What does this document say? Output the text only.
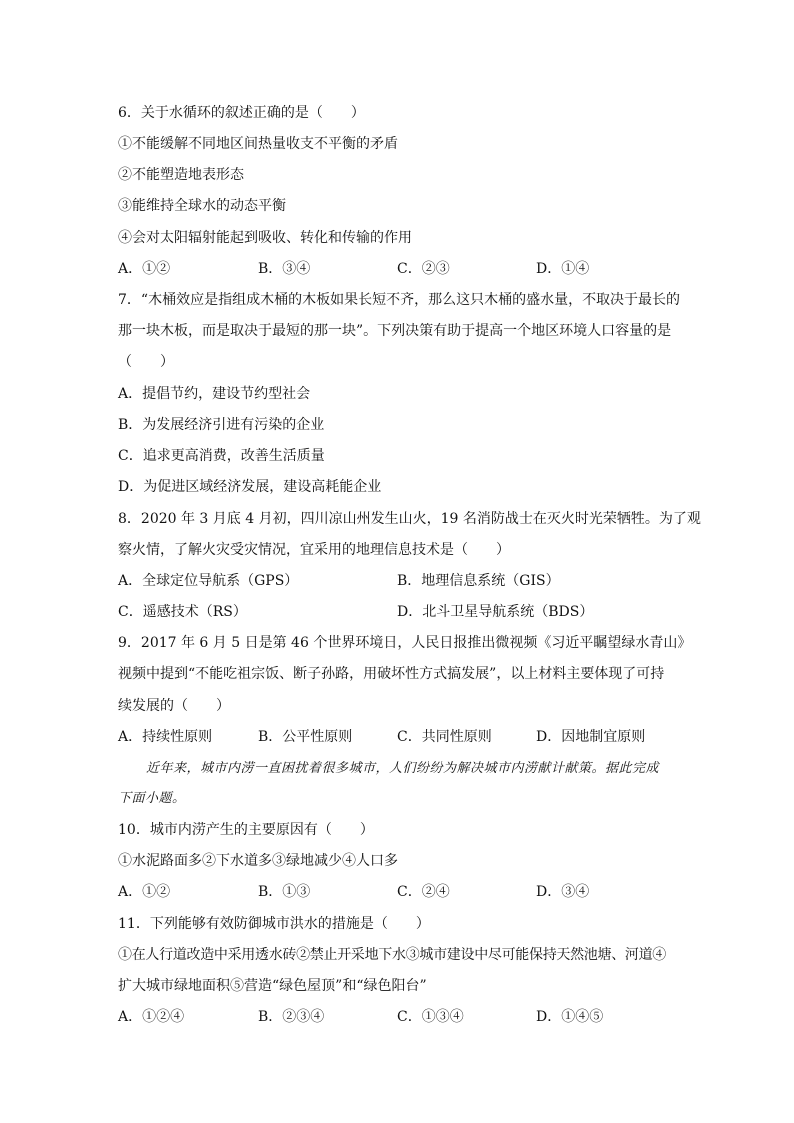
6．关于水循环的叙述正确的是（　　）
①不能缓解不同地区间热量收支不平衡的矛盾
②不能塑造地表形态
③能维持全球水的动态平衡
④会对太阳辐射能起到吸收、转化和传输的作用
A．①②	B．③④	C．②③	D．①④
7．“木桶效应是指组成木桶的木板如果长短不齐，那么这只木桶的盛水量，不取决于最长的
那一块木板，而是取决于最短的那一块”。下列决策有助于提高一个地区环境人口容量的是
（　　）
A．提倡节约，建设节约型社会
B．为发展经济引进有污染的企业
C．追求更高消费，改善生活质量
D．为促进区域经济发展，建设高耗能企业
8．2020 年 3 月底 4 月初，四川凉山州发生山火，19 名消防战士在灭火时光荣牺牲。为了观
察火情，了解火灾受灾情况，宜采用的地理信息技术是（　　）
A．全球定位导航系（GPS）	B．地理信息系统（GIS）
C．遥感技术（RS）	D．北斗卫星导航系统（BDS）
9．2017 年 6 月 5 日是第 46 个世界环境日，人民日报推出微视频《习近平瞩望绿水青山》
视频中提到“不能吃祖宗饭、断子孙路，用破坏性方式搞发展”，以上材料主要体现了可持
续发展的（　　）
A．持续性原则	B．公平性原则	C．共同性原则	D．因地制宜原则
近年来，城市内涝一直困扰着很多城市，人们纷纷为解决城市内涝献计献策。据此完成
下面小题。
10．城市内涝产生的主要原因有（　　）
①水泥路面多②下水道多③绿地减少④人口多
A．①②	B．①③	C．②④	D．③④
11．下列能够有效防御城市洪水的措施是（　　）
①在人行道改造中采用透水砖②禁止开采地下水③城市建设中尽可能保持天然池塘、河道④
扩大城市绿地面积⑤营造“绿色屋顶”和“绿色阳台”
A．①②④	B．②③④	C．①③④	D．①④⑤
